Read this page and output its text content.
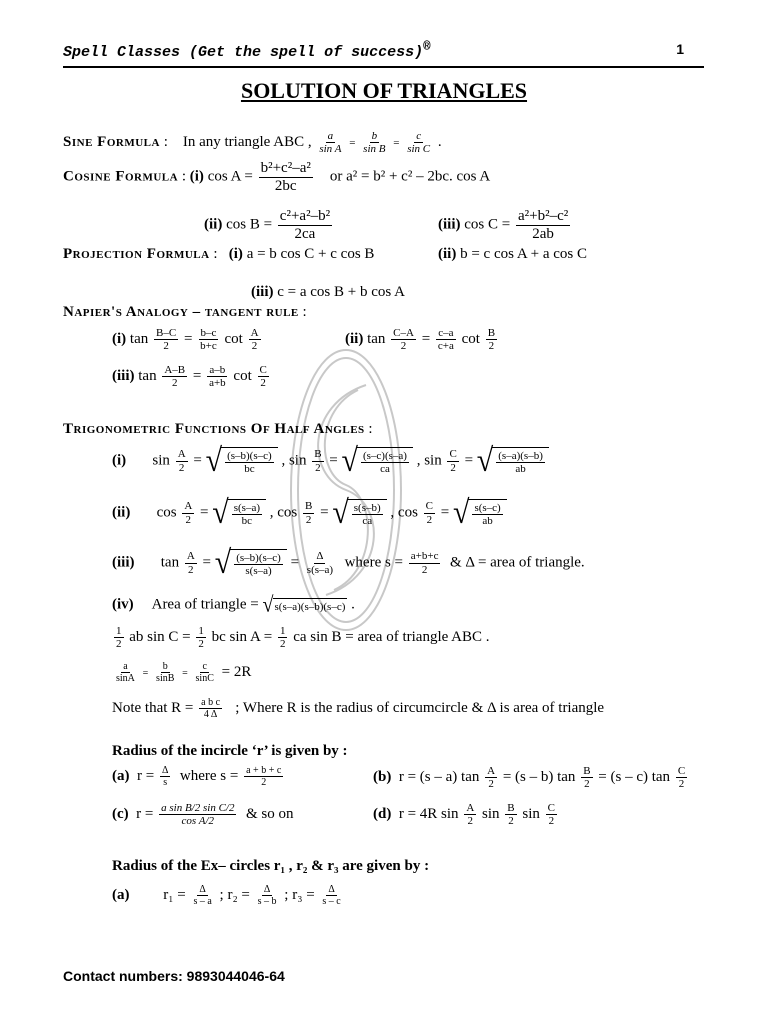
Spell Classes (Get the spell of success)®	1
SOLUTION OF TRIANGLES
Sine Formula : In any triangle ABC , $\frac{a}{\text{sin A}} = \frac{b}{\text{sin B}} = \frac{c}{\text{sin C}}$ .
Cosine Formula : (i) $\cos A = \frac{\text{b²+c²–a²}}{2bc}$ or a² = b² + c² – 2bc. cos A
(ii) $\cos B = \frac{\text{c²+a²–b²}}{2ca}$	(iii) $\cos C = \frac{\text{a²+b²–c²}}{2ab}$
Projection Formula : (i) a = b cos C + c cos B	(ii) b = c cos A + a cos C
(iii) c = a cos B + b cos A
Napier's Analogy – tangent rule :
(i) $\tan \frac{B-C}{2} = \frac{b-c}{b+c}$ $\cot \frac{A}{2}$	(ii) $\tan \frac{C-A}{2} = \frac{c-a}{c+a}$ $\cot \frac{B}{2}$
(iii) $\tan \frac{A-B}{2} = \frac{a-b}{a+b}$ $\cot \frac{C}{2}$
Trigonometric Functions Of Half Angles :
(i) $\sin \frac{A}{2}$ = √ $\frac{(s-b)(s-c)}{bc}$ , $\sin \frac{B}{2}$ = √ $\frac{(s-c)(s-a)}{ca}$ , $\sin \frac{C}{2}$ = √ $\frac{(s-a)(s-b)}{ab}$
(ii) $\cos \frac{A}{2}$ = √ $\frac{s(s-a)}{bc}$ , $\cos \frac{B}{2}$ = √ $\frac{s(s-b)}{ca}$ , $\cos \frac{C}{2}$ = √ $\frac{s(s-c)}{ab}$
(iii) $\tan \frac{A}{2}$ = √ $\frac{(s-b)(s-c)}{s(s-a)} = \frac{\Delta}{s(s-a)}$ where $s = \frac{a+b+c}{2}$ & Δ = area of triangle.
(iv) Area of triangle = √ s(s–a)(s–b)(s–c) .
$\frac{1}{2}$ ab $\sin C = \frac{1}{2}$ bc $\sin A = \frac{1}{2}$ ca sin B = area of triangle ABC .
$\frac{a}{\sin A} = \frac{b}{\sin B} = \frac{c}{\sin C} = 2R$
Note that $R = \frac{\text{a b c}}{4 \Delta}$ ; Where R is the radius of circumcircle & Δ is area of triangle
Radius of the incircle ‘r’ is given by :
(a) $r = \frac{\Delta}{s}$ where $s = \frac{a + b + c}{2}$	(b) r = (s – a) $\tan \frac{A}{2} = (s - b)$ $\tan \frac{B}{2} = (s - c)$ $\tan \frac{C}{2}$
(c) $r = \frac{\text{a sin B/2 sin C/2}}{\text{cos A/2}}$ & so on	(d) r = 4R $\sin \frac{A}{2}$ $\sin \frac{B}{2}$ $\sin \frac{C}{2}$
Radius of the Ex– circles r₁ , r₂ & r₃ are given by :
(a) $r_1 = \frac{\Delta}{s - a}$ ; $r_2 = \frac{\Delta}{s - b}$ ; $r_3 = \frac{\Delta}{s - c}$
Contact numbers: 9893044046-64
